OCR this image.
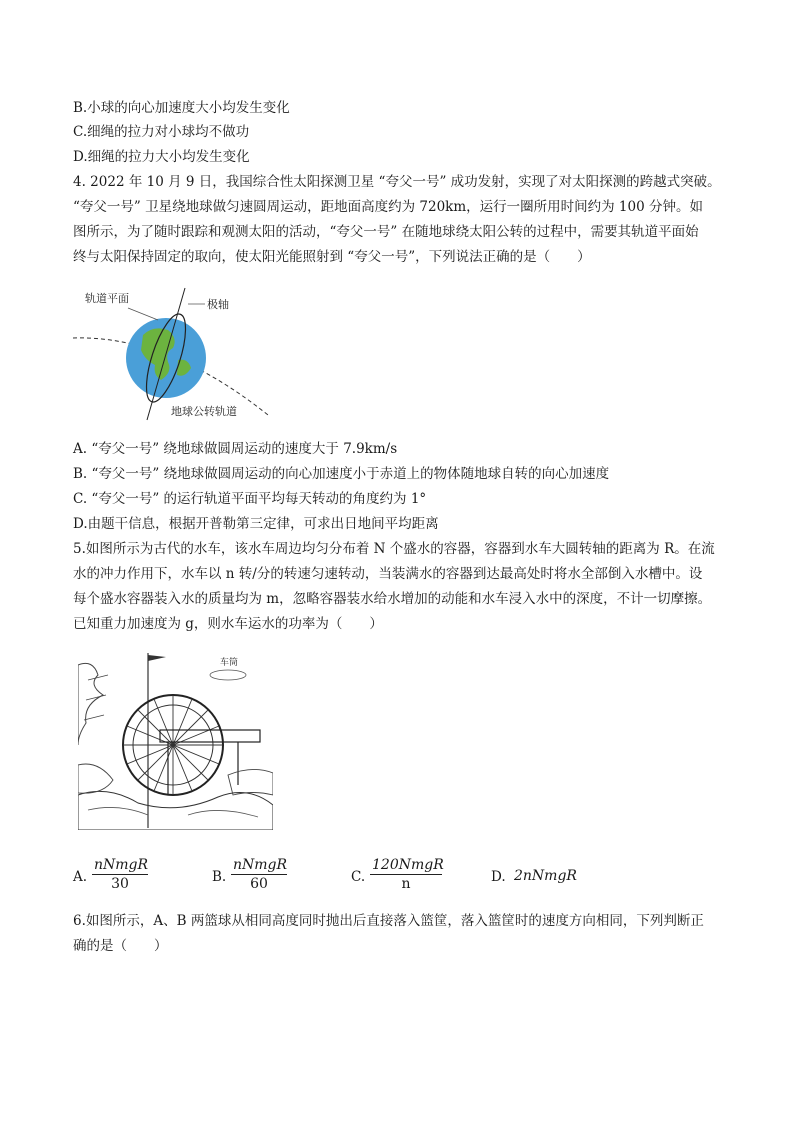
B.小球的向心加速度大小均发生变化
C.细绳的拉力对小球均不做功
D.细绳的拉力大小均发生变化
4. 2022 年 10 月 9 日，我国综合性太阳探测卫星 “夸父一号” 成功发射，实现了对太阳探测的跨越式突破。
“夸父一号” 卫星绕地球做匀速圆周运动，距地面高度约为 720km，运行一圈所用时间约为 100 分钟。如
图所示，为了随时跟踪和观测太阳的活动，“夸父一号” 在随地球绕太阳公转的过程中，需要其轨道平面始
终与太阳保持固定的取向，使太阳光能照射到 “夸父一号”，下列说法正确的是（　　）
轨道平面	极轴
地球公转轨道
A. “夸父一号” 绕地球做圆周运动的速度大于 7.9km/s
B. “夸父一号” 绕地球做圆周运动的向心加速度小于赤道上的物体随地球自转的向心加速度
C. “夸父一号” 的运行轨道平面平均每天转动的角度约为 1°
D.由题干信息，根据开普勒第三定律，可求出日地间平均距离
5.如图所示为古代的水车，该水车周边均匀分布着 N 个盛水的容器，容器到水车大圆转轴的距离为 R。在流
水的冲力作用下，水车以 n 转/分的转速匀速转动，当装满水的容器到达最高处时将水全部倒入水槽中。设
每个盛水容器装入水的质量均为 m，忽略容器装水给水增加的动能和水车浸入水中的深度，不计一切摩擦。
已知重力加速度为 g，则水车运水的功率为（　　）
车筒
A.
nNmgR
30	B.
nNmgR
60	C.
120NmgR
n	D. 2nNmgR
6.如图所示，A、B 两篮球从相同高度同时抛出后直接落入篮筐，落入篮筐时的速度方向相同，下列判断正
确的是（　　）
